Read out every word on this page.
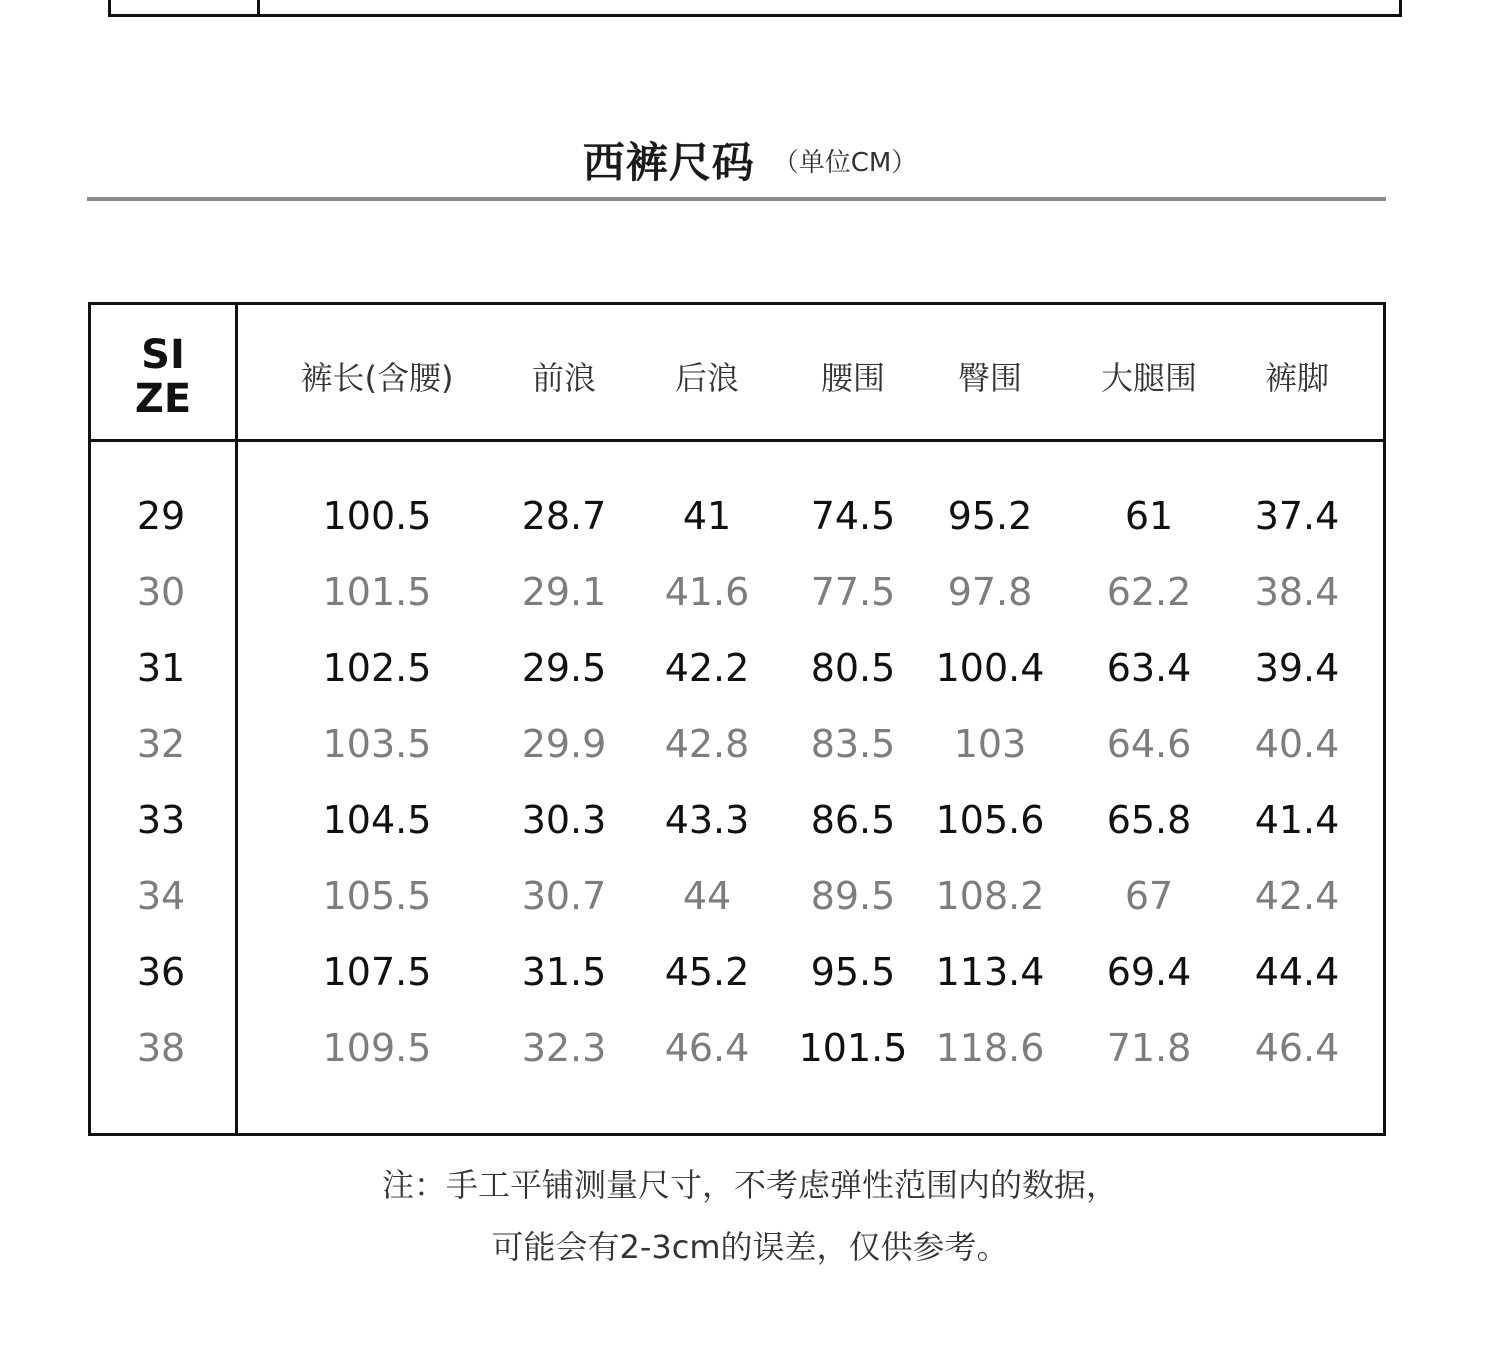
西裤尺码 （单位CM）
SI
ZE	裤长(含腰) 前浪 后浪	腰围 臀围 大腿围 裤脚
29	100.5 28.7 41 74.5 95.2 61 37.4
30	101.5 29.1 41.6 77.5 97.8 62.2 38.4
31	102.5 29.5 42.2 80.5 100.4 63.4 39.4
32	103.5 29.9 42.8 83.5 103 64.6 40.4
33	104.5 30.3 43.3 86.5 105.6 65.8 41.4
34	105.5 30.7 44 89.5 108.2 67 42.4
36	107.5 31.5 45.2 95.5 113.4 69.4 44.4
38	109.5 32.3 46.4 101.5 118.6 71.8 46.4
注：手工平铺测量尺寸，不考虑弹性范围内的数据，
可能会有2-3cm的误差，仅供参考。
